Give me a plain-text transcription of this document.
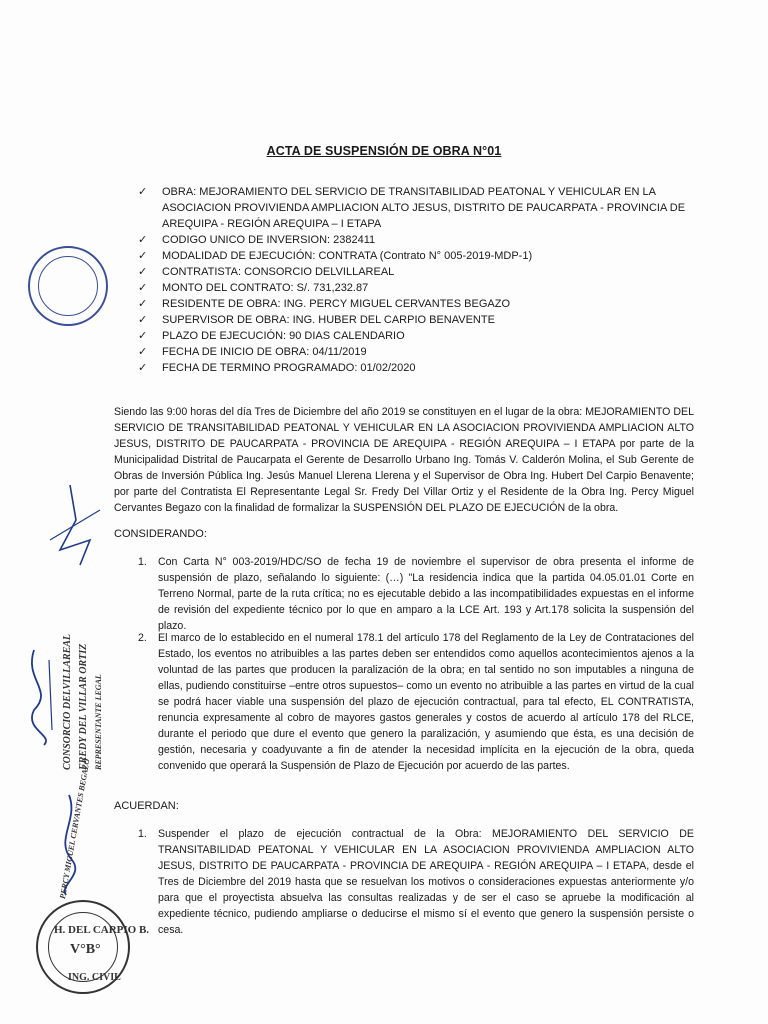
ACTA DE SUSPENSIÓN DE OBRA N°01
✓ OBRA: MEJORAMIENTO DEL SERVICIO DE TRANSITABILIDAD PEATONAL Y VEHICULAR EN LA ASOCIACION PROVIVIENDA AMPLIACION ALTO JESUS, DISTRITO DE PAUCARPATA - PROVINCIA DE AREQUIPA - REGIÓN AREQUIPA – I ETAPA
✓ CODIGO UNICO DE INVERSION: 2382411
✓ MODALIDAD DE EJECUCIÓN: CONTRATA (Contrato N° 005-2019-MDP-1)
✓ CONTRATISTA: CONSORCIO DELVILLAREAL
✓ MONTO DEL CONTRATO: S/. 731,232.87
✓ RESIDENTE DE OBRA: ING. PERCY MIGUEL CERVANTES BEGAZO
✓ SUPERVISOR DE OBRA: ING. HUBER DEL CARPIO BENAVENTE
✓ PLAZO DE EJECUCIÓN: 90 DIAS CALENDARIO
✓ FECHA DE INICIO DE OBRA: 04/11/2019
✓ FECHA DE TERMINO PROGRAMADO: 01/02/2020

Siendo las 9:00 horas del día Tres de Diciembre del año 2019 se constituyen en el lugar de la obra: MEJORAMIENTO DEL SERVICIO DE TRANSITABILIDAD PEATONAL Y VEHICULAR EN LA ASOCIACION PROVIVIENDA AMPLIACION ALTO JESUS, DISTRITO DE PAUCARPATA - PROVINCIA DE AREQUIPA - REGIÓN AREQUIPA – I ETAPA por parte de la Municipalidad Distrital de Paucarpata el Gerente de Desarrollo Urbano Ing. Tomás V. Calderón Molina, el Sub Gerente de Obras de Inversión Pública Ing. Jesús Manuel Llerena Llerena y el Supervisor de Obra Ing. Hubert Del Carpio Benavente; por parte del Contratista El Representante Legal Sr. Fredy Del Villar Ortiz y el Residente de la Obra Ing. Percy Miguel Cervantes Begazo con la finalidad de formalizar la SUSPENSIÓN DEL PLAZO DE EJECUCIÓN de la obra.

CONSIDERANDO:

1. Con Carta N° 003-2019/HDC/SO de fecha 19 de noviembre el supervisor de obra presenta el informe de suspensión de plazo, señalando lo siguiente: (…) "La residencia indica que la partida 04.05.01.01 Corte en Terreno Normal, parte de la ruta crítica; no es ejecutable debido a las incompatibilidades expuestas en el informe de revisión del expediente técnico por lo que en amparo a la LCE Art. 193 y Art.178 solicita la suspensión del plazo.
2. El marco de lo establecido en el numeral 178.1 del artículo 178 del Reglamento de la Ley de Contrataciones del Estado, los eventos no atribuibles a las partes deben ser entendidos como aquellos acontecimientos ajenos a la voluntad de las partes que producen la paralización de la obra; en tal sentido no son imputables a ninguna de ellas, pudiendo constituirse –entre otros supuestos– como un evento no atribuible a las partes en virtud de la cual se podrá hacer viable una suspensión del plazo de ejecución contractual, para tal efecto, EL CONTRATISTA, renuncia expresamente al cobro de mayores gastos generales y costos de acuerdo al artículo 178 del RLCE, durante el periodo que dure el evento que genero la paralización, y asumiendo que ésta, es una decisión de gestión, necesaria y coadyuvante a fin de atender la necesidad implícita en la ejecución de la obra, queda convenido que operará la Suspensión de Plazo de Ejecución por acuerdo de las partes.

ACUERDAN:

1. Suspender el plazo de ejecución contractual de la Obra: MEJORAMIENTO DEL SERVICIO DE TRANSITABILIDAD PEATONAL Y VEHICULAR EN LA ASOCIACION PROVIVIENDA AMPLIACION ALTO JESUS, DISTRITO DE PAUCARPATA - PROVINCIA DE AREQUIPA - REGIÓN AREQUIPA – I ETAPA, desde el Tres de Diciembre del 2019 hasta que se resuelvan los motivos o consideraciones expuestas anteriormente y/o para que el proyectista absuelva las consultas realizadas y de ser el caso se apruebe la modificación al expediente técnico, pudiendo ampliarse o deducirse el mismo sí el evento que genero la suspensión persiste o cesa.
CONSORCIO DELVILLAREAL FREDY DEL VILLAR ORTIZ REPRESENTANTE LEGAL
PERCY MIGUEL CERVANTES BEGAZO
H. DEL CARPIO B.
V°B°
ING. CIVIL
